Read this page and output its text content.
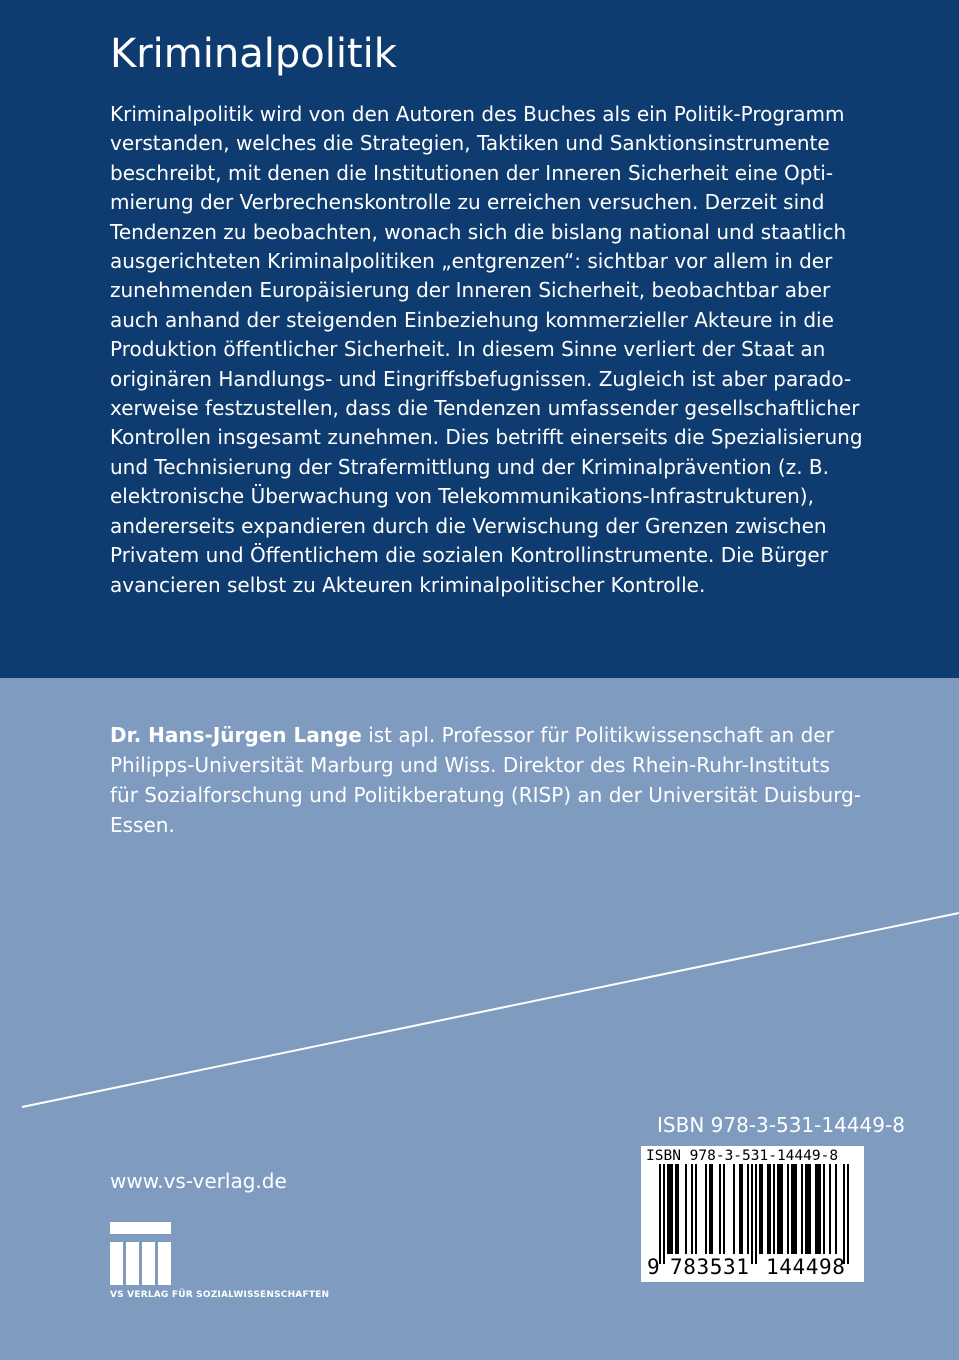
Kriminalpolitik
Kriminalpolitik wird von den Autoren des Buches als ein Politik-Programm
verstanden, welches die Strategien, Taktiken und Sanktionsinstrumente
beschreibt, mit denen die Institutionen der Inneren Sicherheit eine Opti-
mierung der Verbrechenskontrolle zu erreichen versuchen. Derzeit sind
Tendenzen zu beobachten, wonach sich die bislang national und staatlich
ausgerichteten Kriminalpolitiken „entgrenzen“: sichtbar vor allem in der
zunehmenden Europäisierung der Inneren Sicherheit, beobachtbar aber
auch anhand der steigenden Einbeziehung kommerzieller Akteure in die
Produktion öffentlicher Sicherheit. In diesem Sinne verliert der Staat an
originären Handlungs- und Eingriffsbefugnissen. Zugleich ist aber parado-
xerweise festzustellen, dass die Tendenzen umfassender gesellschaftlicher
Kontrollen insgesamt zunehmen. Dies betrifft einerseits die Spezialisierung
und Technisierung der Strafermittlung und der Kriminalprävention (z. B.
elektronische Überwachung von Telekommunikations-Infrastrukturen),
andererseits expandieren durch die Verwischung der Grenzen zwischen
Privatem und Öffentlichem die sozialen Kontrollinstrumente. Die Bürger
avancieren selbst zu Akteuren kriminalpolitischer Kontrolle.
Dr. Hans-Jürgen Lange ist apl. Professor für Politikwissenschaft an der
Philipps-Universität Marburg und Wiss. Direktor des Rhein-Ruhr-Instituts
für Sozialforschung und Politikberatung (RISP) an der Universität Duisburg-
Essen.
ISBN 978-3-531-14449-8
ISBN 978-3-531-14449-8
9 783531 144498
www.vs-verlag.de
VS VERLAG FÜR SOZIALWISSENSCHAFTEN
